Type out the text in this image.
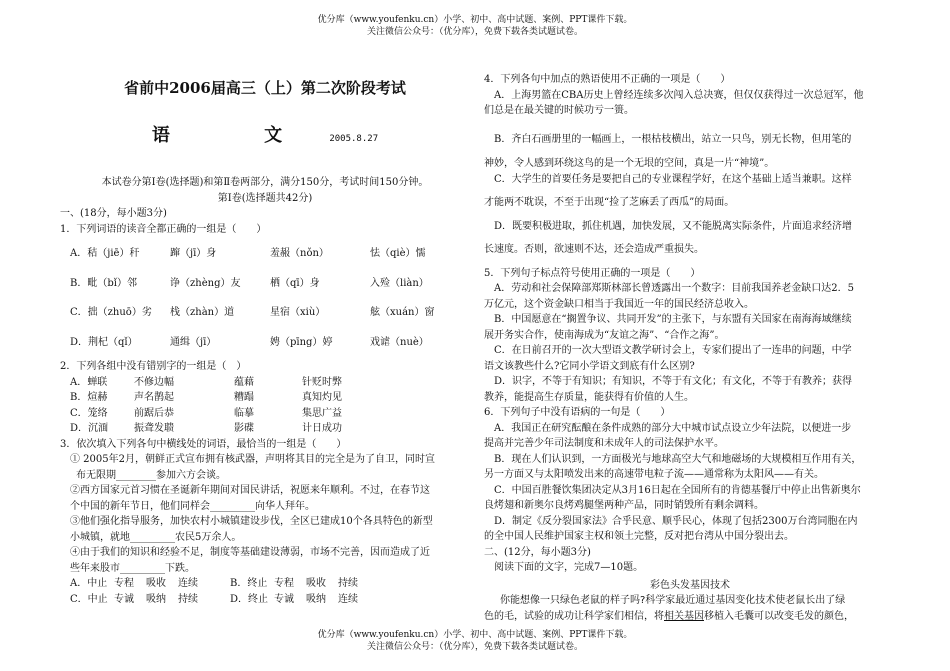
优分库（www.youfenku.cn）小学、初中、高中试题、案例、PPT课件下载。
关注微信公众号：（优分库），免费下载各类试题试卷。

省前中2006届高三（上）第二次阶段考试

语 文 2005.8.27

本试卷分第Ⅰ卷(选择题)和第Ⅱ卷两部分，满分150分，考试时间150分钟。

第Ⅰ卷(选择题共42分)

一、(18分，每小题3分)

1．下列词语的读音全都正确的一组是（　　）

A．秸（jiē）秆	蹿（jī）身	羞赧（nǒn）	怯（qiè）懦
B．毗（bǐ）邻	诤（zhèng）友	栖（qī）身	入殓（liàn）
C．拙（zhuō）劣	栈（zhàn）道	星宿（xiù）	舷（xuán）窗
D．荆杞（qǐ）	通缉（jī）	娉（pīng）婷	戏谑（nuè）

2．下列各组中没有错别字的一组是（　）

A．蝉联	不修边幅	蕴藉	针贬时弊
B．煊赫	声名鹊起	糟蹋	真知灼见
C．笼络	前踞后恭	临摹	集思广益
D．沉湎	振聋发聩	影碟	计日成功

3．依次填入下列各句中横线处的词语，最恰当的一组是（　　）

① 2005年2月，朝鲜正式宣布拥有核武器，声明将其目的完全是为了自卫，同时宣

布无限期________参加六方会谈。

②西方国家元首习惯在圣诞新年期间对国民讲话，祝愿来年顺利。不过，在春节这

个中国的新年节日，他们同样会_________向华人拜年。

③他们强化指导服务，加快农村小城镇建设步伐，全区已建成10个各具特色的新型

小城镇，就地_________农民5万余人。

④由于我们的知识和经验不足，制度等基础建设薄弱，市场不完善，因而造成了近

些年来股市_________下跌。

A．中止 专程	吸收	连续	B．终止 专程	吸收	持续
C．中止 专诚	吸纳	持续	D．终止 专诚	吸纳	连续

4．下列各句中加点的熟语使用不正确的一项是（　　）

A．上海男篮在CBA历史上曾经连续多次闯入总决赛，但仅仅获得过一次总冠军，他

们总是在最关键的时候功亏一篑。

B．齐白石画册里的一幅画上，一根枯枝横出，站立一只鸟，别无长物，但用笔的

神妙，令人感到环绕这鸟的是一个无垠的空间，真是一片“神境”。

C．大学生的首要任务是要把自己的专业课程学好，在这个基础上适当兼职。这样

才能两不耽误，不至于出现“捡了芝麻丢了西瓜”的局面。

D．既要积极进取，抓住机遇，加快发展，又不能脱离实际条件，片面追求经济增

长速度。否则，欲速则不达，还会造成严重损失。

5．下列句子标点符号使用正确的一项是（　　）

A．劳动和社会保障部郑斯林部长曾透露出一个数字：目前我国养老金缺口达2．5

万亿元，这个资金缺口相当于我国近一年的国民经济总收入。

B．中国愿意在“搁置争议、共同开发”的主张下，与东盟有关国家在南海海域继续

展开务实合作，使南海成为“友谊之海”、“合作之海”。

C．在日前召开的一次大型语文教学研讨会上，专家们提出了一连串的问题，中学

语文该教些什么?它同小学语文到底有什么区别?

D．识字，不等于有知识；有知识，不等于有文化；有文化，不等于有教养；获得

教养，能提高生存质量，能获得有价值的人生。

6．下列句子中没有语病的一句是（　　）

A．我国正在研究酝酿在条件成熟的部分大中城市试点设立少年法院，以便进一步

提高并完善少年司法制度和未成年人的司法保护水平。

B．现在人们认识到，一方面极光与地球高空大气和地磁场的大规模相互作用有关，

另一方面又与太阳喷发出来的高速带电粒子流——通常称为太阳风——有关。

C．中国百胜餐饮集团决定从3月16日起在全国所有的肯德基餐厅中停止出售新奥尔

良烤翅和新奥尔良烤鸡腿堡两种产品，同时销毁所有剩余调料。

D．制定《反分裂国家法》合乎民意、顺乎民心，体现了包括2300万台湾同胞在内

的全中国人民维护国家主权和领土完整，反对把台湾从中国分裂出去。

二、(12分，每小题3分)

阅读下面的文字，完成7—10题。

彩色头发基因技术

你能想像一只绿色老鼠的样子吗?科学家最近通过基因变化技术使老鼠长出了绿

色的毛，试验的成功让科学家们相信，将相关基因移植入毛囊可以改变毛发的颜色，

优分库（www.youfenku.cn）小学、初中、高中试题、案例、PPT课件下载。
关注微信公众号：（优分库），免费下载各类试题试卷。
